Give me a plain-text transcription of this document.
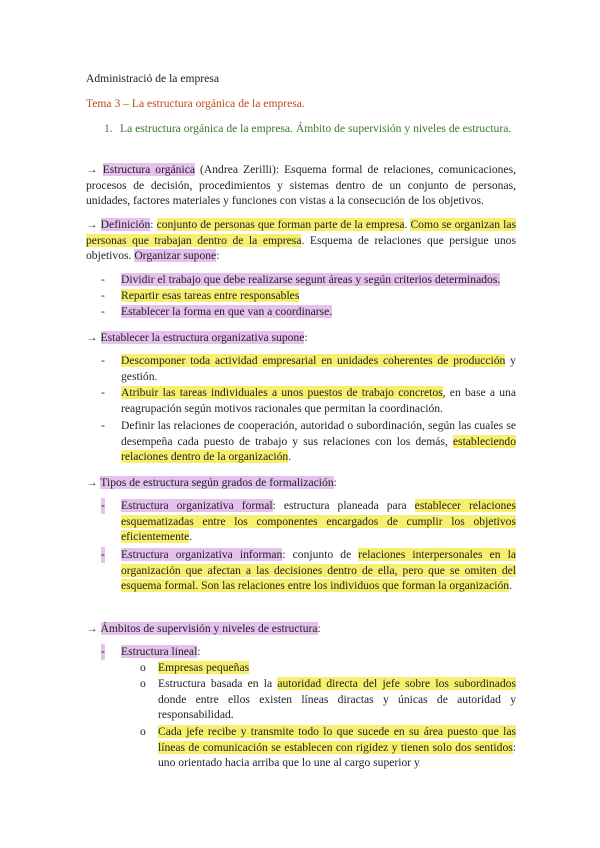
Administració de la empresa
Tema 3 – La estructura orgánica de la empresa.
1. La estructura orgánica de la empresa. Ámbito de supervisión y niveles de estructura.

→ Estructura orgánica (Andrea Zerilli): Esquema formal de relaciones, comunicaciones, procesos de decisión, procedimientos y sistemas dentro de un conjunto de personas, unidades, factores materiales y funciones con vistas a la consecución de los objetivos.

→ Definición: conjunto de personas que forman parte de la empresa. Como se organizan las personas que trabajan dentro de la empresa. Esquema de relaciones que persigue unos objetivos. Organizar supone:

- Dividir el trabajo que debe realizarse segunt áreas y según criterios determinados.
- Repartir esas tareas entre responsables
- Establecer la forma en que van a coordinarse.

→ Establecer la estructura organizativa supone:

- Descomponer toda actividad empresarial en unidades coherentes de producción y gestión.
- Atribuir las tareas individuales a unos puestos de trabajo concretos, en base a una reagrupación según motivos racionales que permitan la coordinación.
- Definir las relaciones de cooperación, autoridad o subordinación, según las cuales se desempeña cada puesto de trabajo y sus relaciones con los demás, estableciendo relaciones dentro de la organización.

→ Tipos de estructura según grados de formalización:

- Estructura organizativa formal: estructura planeada para establecer relaciones esquematizadas entre los componentes encargados de cumplir los objetivos eficientemente.
- Estructura organizativa informan: conjunto de relaciones interpersonales en la organización que afectan a las decisiones dentro de ella, pero que se omiten del esquema formal. Son las relaciones entre los individuos que forman la organización.

→ Ámbitos de supervisión y niveles de estructura:

- Estructura lineal:
o Empresas pequeñas
o Estructura basada en la autoridad directa del jefe sobre los subordinados donde entre ellos existen líneas diractas y únicas de autoridad y responsabilidad.
o Cada jefe recibe y transmite todo lo que sucede en su área puesto que las líneas de comunicación se establecen con rigidez y tienen solo dos sentidos: uno orientado hacia arriba que lo une al cargo superior y
